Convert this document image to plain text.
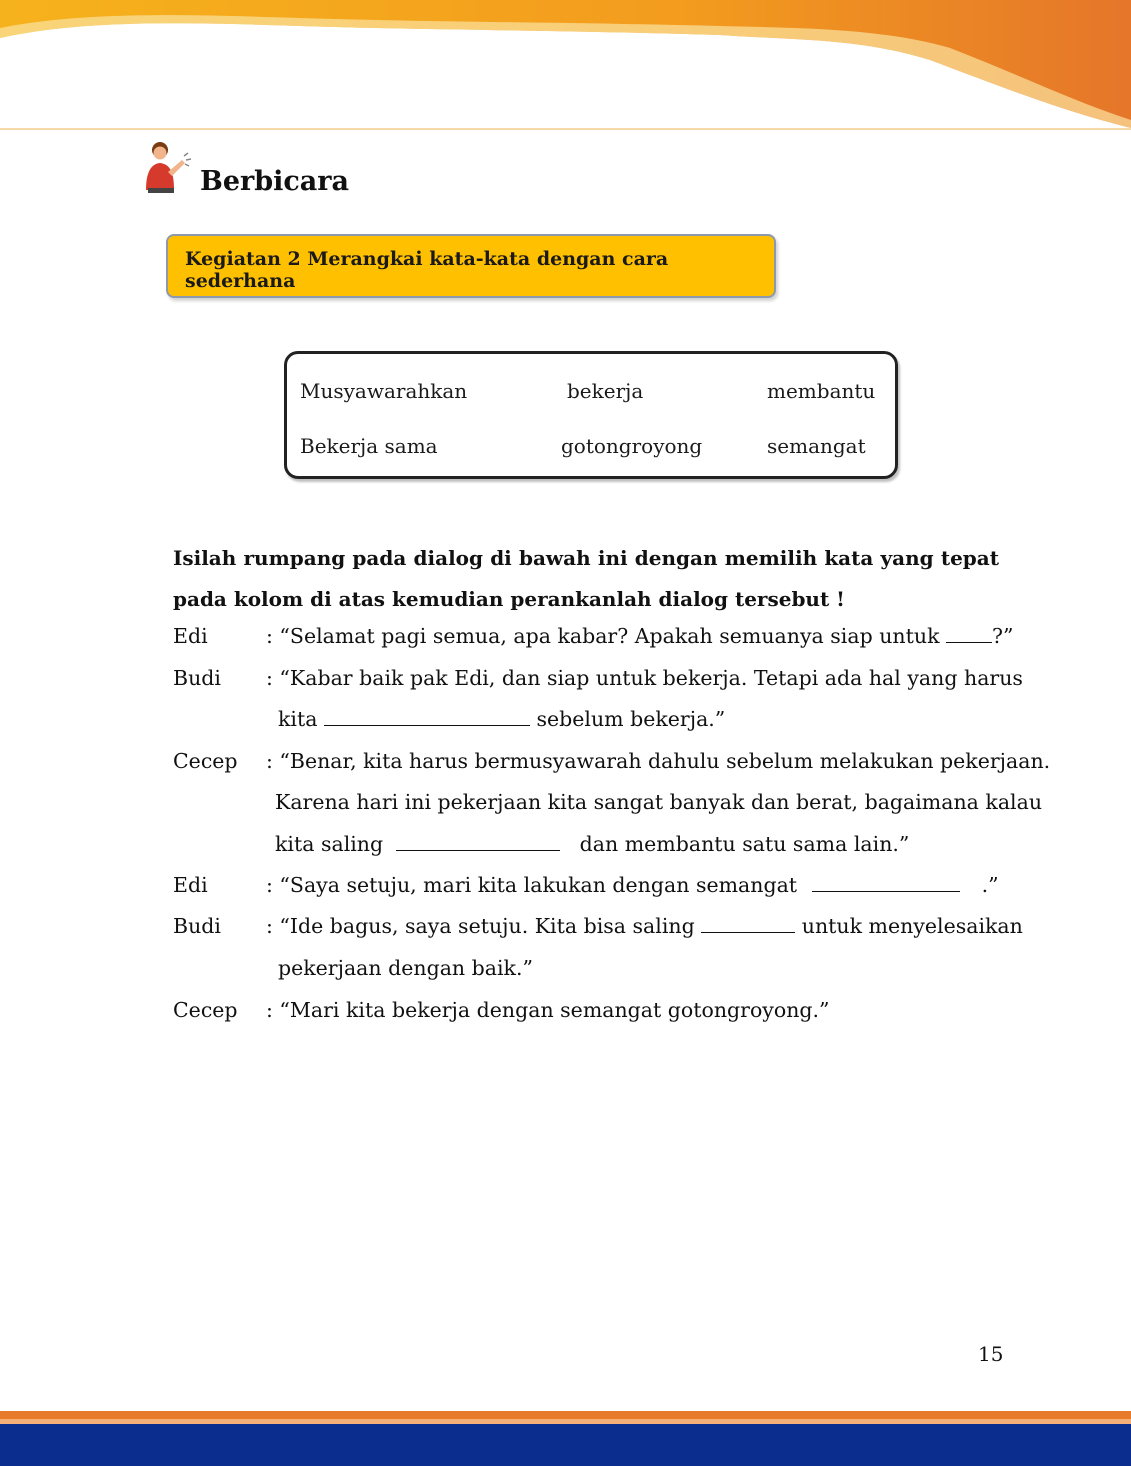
Berbicara
Kegiatan 2 Merangkai kata-kata dengan cara sederhana
Musyawarahkan	bekerja	membantu
Bekerja sama	gotongroyong	semangat
Isilah rumpang pada dialog di bawah ini dengan memilih kata yang tepat pada kolom di atas kemudian perankanlah dialog tersebut !
Edi	: “Selamat pagi semua, apa kabar? Apakah semuanya siap untuk ?”
Budi : “Kabar baik pak Edi, dan siap untuk bekerja. Tetapi ada hal yang harus
kita	sebelum bekerja.”
Cecep : “Benar, kita harus bermusyawarah dahulu sebelum melakukan pekerjaan.
Karena hari ini pekerjaan kita sangat banyak dan berat, bagaimana kalau
kita saling	dan membantu satu sama lain.”
Edi	: “Saya setuju, mari kita lakukan dengan semangat	.”
Budi : “Ide bagus, saya setuju. Kita bisa saling	untuk menyelesaikan
pekerjaan dengan baik.”
Cecep : “Mari kita bekerja dengan semangat gotongroyong.”
15
